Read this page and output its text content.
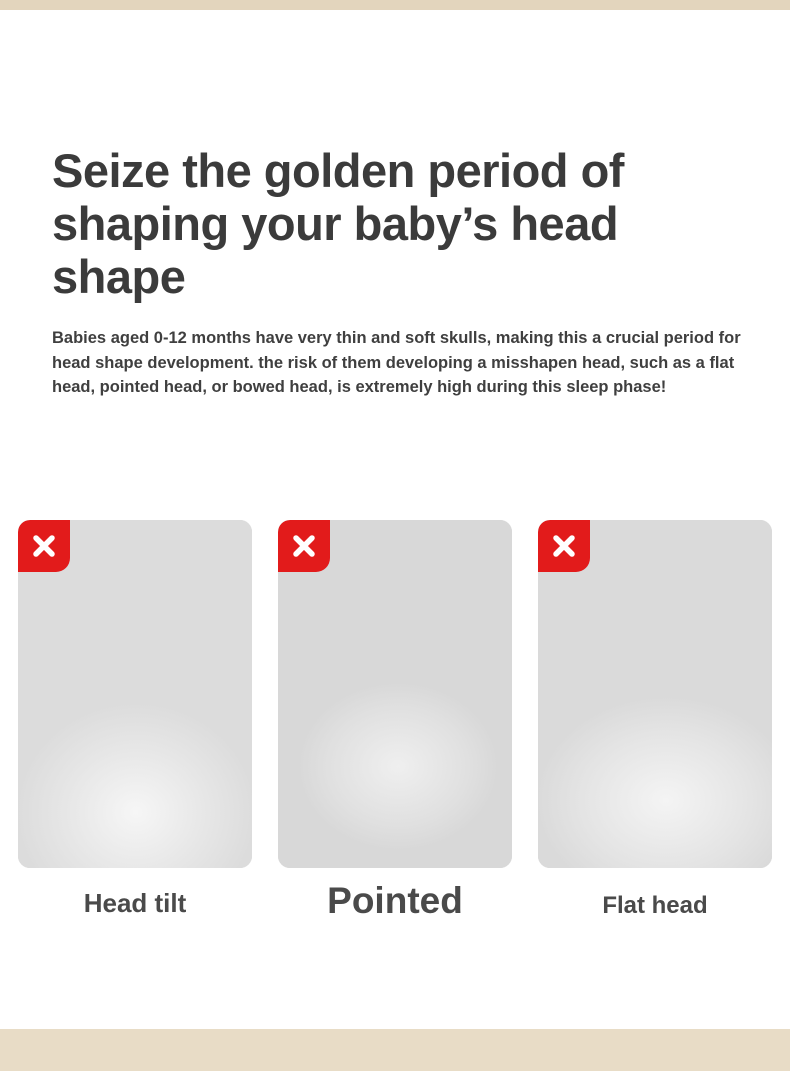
Seize the golden period of shaping your baby’s head shape

Babies aged 0-12 months have very thin and soft skulls, making this a crucial period for head shape development. the risk of them developing a misshapen head, such as a flat head, pointed head, or bowed head, is extremely high during this sleep phase!

Head tilt	Pointed	Flat head
